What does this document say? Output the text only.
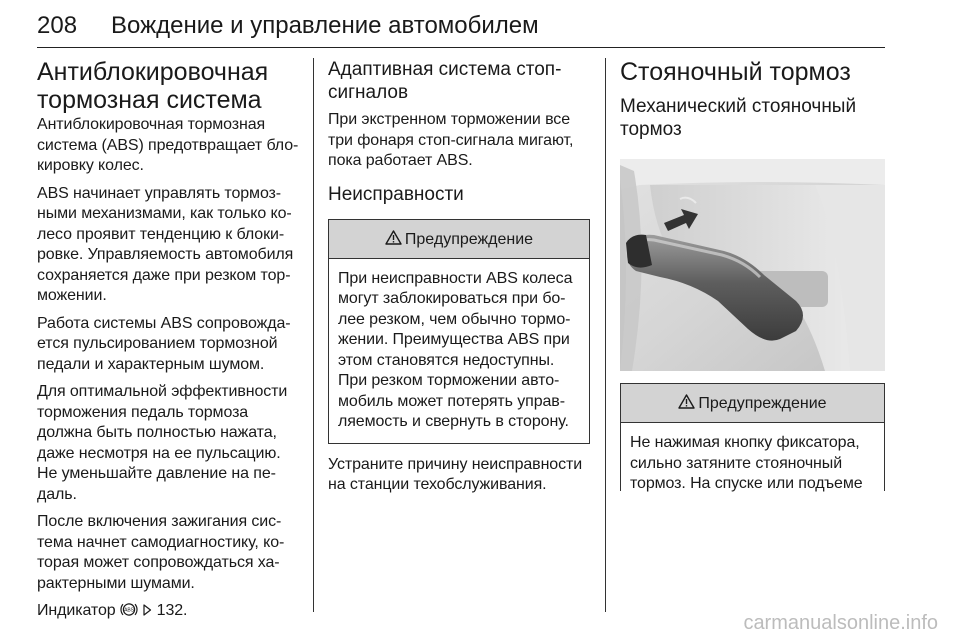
208 Вождение и управление автомобилем
Антиблокировочная
тормозная система
Антиблокировочная тормозная
система (ABS) предотвращает бло-
кировку колес.
ABS начинает управлять тормоз-
ными механизмами, как только ко-
лесо проявит тенденцию к блоки-
ровке. Управляемость автомобиля
сохраняется даже при резком тор-
можении.
Работа системы ABS сопровожда-
ется пульсированием тормозной
педали и характерным шумом.
Для оптимальной эффективности
торможения педаль тормоза
должна быть полностью нажата,
даже несмотря на ее пульсацию.
Не уменьшайте давление на пе-
даль.
После включения зажигания сис-
тема начнет самодиагностику, ко-
торая может сопровождаться ха-
рактерными шумами.
Индикатор ABS 132.
Адаптивная система стоп-
сигналов
При экстренном торможении все
три фонаря стоп-сигнала мигают,
пока работает ABS.
Неисправности
Предупреждение
При неисправности ABS колеса
могут заблокироваться при бо-
лее резком, чем обычно тормо-
жении. Преимущества ABS при
этом становятся недоступны.
При резком торможении авто-
мобиль может потерять управ-
ляемость и свернуть в сторону.
Устраните причину неисправности
на станции техобслуживания.
Стояночный тормоз
Механический стояночный
тормоз
Предупреждение
Не нажимая кнопку фиксатора,
сильно затяните стояночный
тормоз. На спуске или подъеме
carmanualsonline.info
